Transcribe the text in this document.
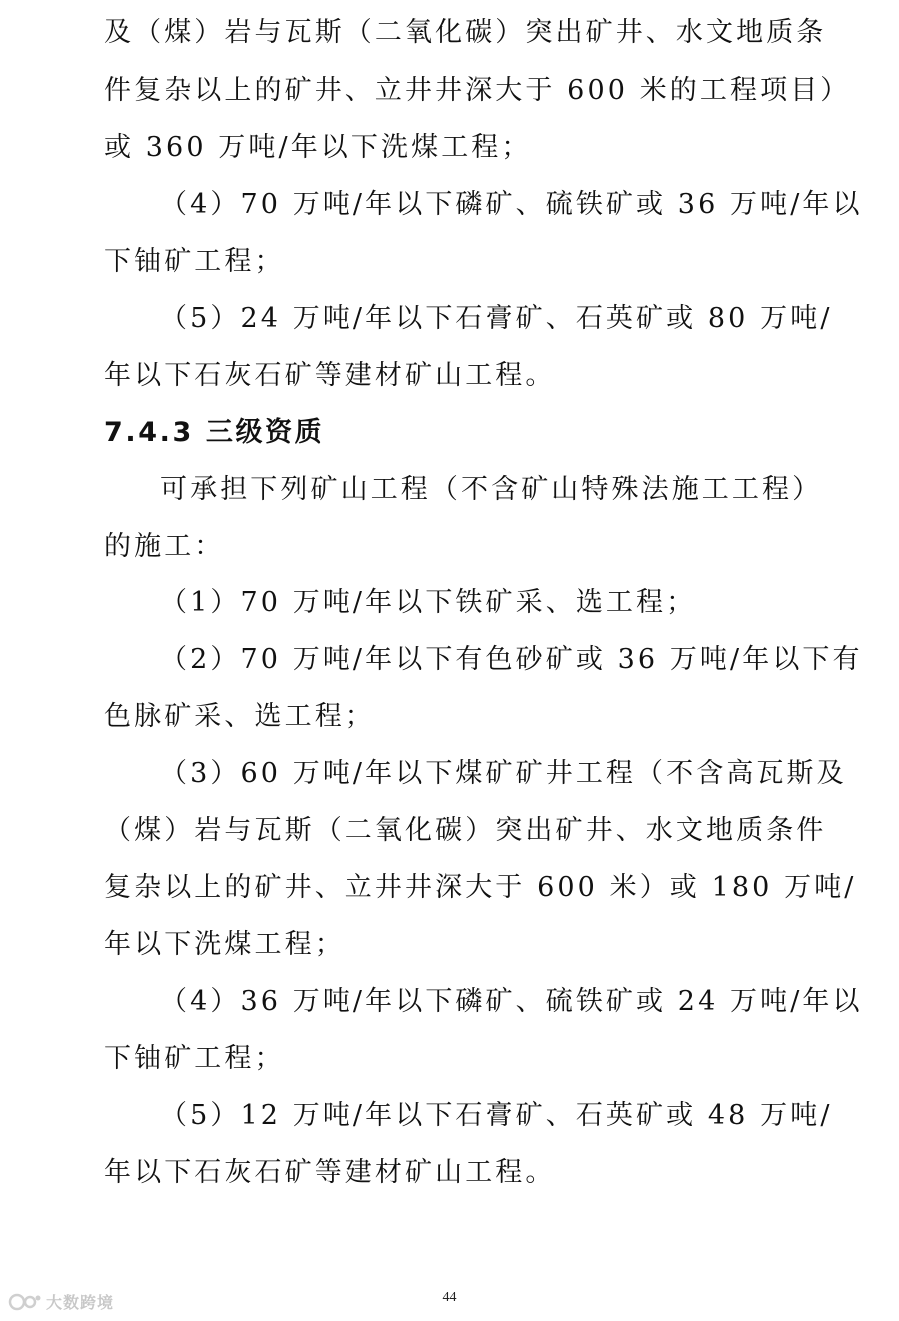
及（煤）岩与瓦斯（二氧化碳）突出矿井、水文地质条
件复杂以上的矿井、立井井深大于 600 米的工程项目）
或 360 万吨/年以下洗煤工程；
（4）70 万吨/年以下磷矿、硫铁矿或 36 万吨/年以
下铀矿工程；
（5）24 万吨/年以下石膏矿、石英矿或 80 万吨/
年以下石灰石矿等建材矿山工程。
7.4.3 三级资质
可承担下列矿山工程（不含矿山特殊法施工工程）
的施工：
（1）70 万吨/年以下铁矿采、选工程；
（2）70 万吨/年以下有色砂矿或 36 万吨/年以下有
色脉矿采、选工程；
（3）60 万吨/年以下煤矿矿井工程（不含高瓦斯及
（煤）岩与瓦斯（二氧化碳）突出矿井、水文地质条件
复杂以上的矿井、立井井深大于 600 米）或 180 万吨/
年以下洗煤工程；
（4）36 万吨/年以下磷矿、硫铁矿或 24 万吨/年以
下铀矿工程；
（5）12 万吨/年以下石膏矿、石英矿或 48 万吨/
年以下石灰石矿等建材矿山工程。
大数跨境	44
